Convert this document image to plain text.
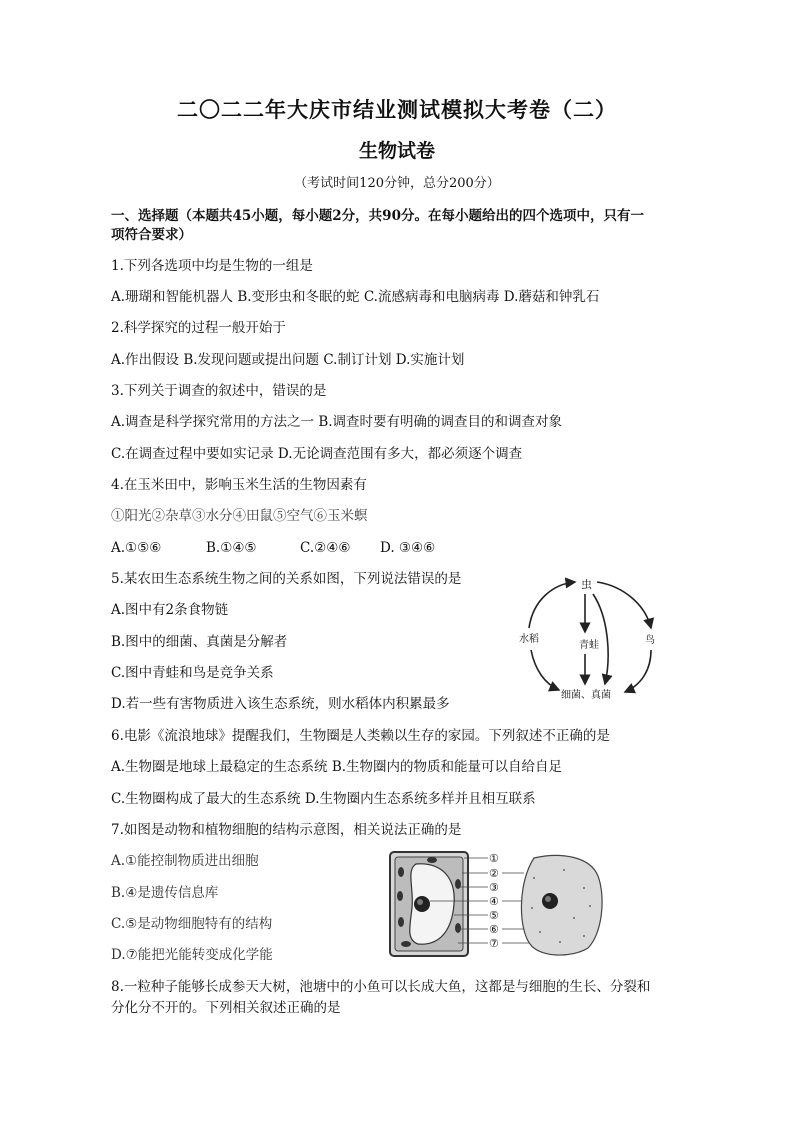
二〇二二年大庆市结业测试模拟大考卷（二）
生物试卷
（考试时间120分钟，总分200分）
一、选择题（本题共45小题，每小题2分，共90分。在每小题给出的四个选项中，只有一
项符合要求）
1.下列各选项中均是生物的一组是
A.珊瑚和智能机器人 B.变形虫和冬眠的蛇 C.流感病毒和电脑病毒 D.蘑菇和钟乳石
2.科学探究的过程一般开始于
A.作出假设 B.发现问题或提出问题 C.制订计划 D.实施计划
3.下列关于调查的叙述中，错误的是
A.调查是科学探究常用的方法之一 B.调查时要有明确的调查目的和调查对象
C.在调查过程中要如实记录 D.无论调查范围有多大，都必须逐个调查
4.在玉米田中，影响玉米生活的生物因素有
①阳光②杂草③水分④田鼠⑤空气⑥玉米螟
A.①⑤⑥	B.①④⑤	C.②④⑥ D. ③④⑥
5.某农田生态系统生物之间的关系如图，下列说法错误的是
A.图中有2条食物链
B.图中的细菌、真菌是分解者
C.图中青蛙和鸟是竞争关系
D.若一些有害物质进入该生态系统，则水稻体内积累最多
虫
水稻
青蛙	鸟
细菌、真菌
6.电影《流浪地球》提醒我们，生物圈是人类赖以生存的家园。下列叙述不正确的是
A.生物圈是地球上最稳定的生态系统 B.生物圈内的物质和能量可以自给自足
C.生物圈构成了最大的生态系统 D.生物圈内生态系统多样并且相互联系
7.如图是动物和植物细胞的结构示意图，相关说法正确的是
A.①能控制物质进出细胞
B.④是遗传信息库
C.⑤是动物细胞特有的结构
D.⑦能把光能转变成化学能
①
②
③
④
⑤
⑥
⑦
8.一粒种子能够长成参天大树，池塘中的小鱼可以长成大鱼，这都是与细胞的生长、分裂和
分化分不开的。下列相关叙述正确的是
